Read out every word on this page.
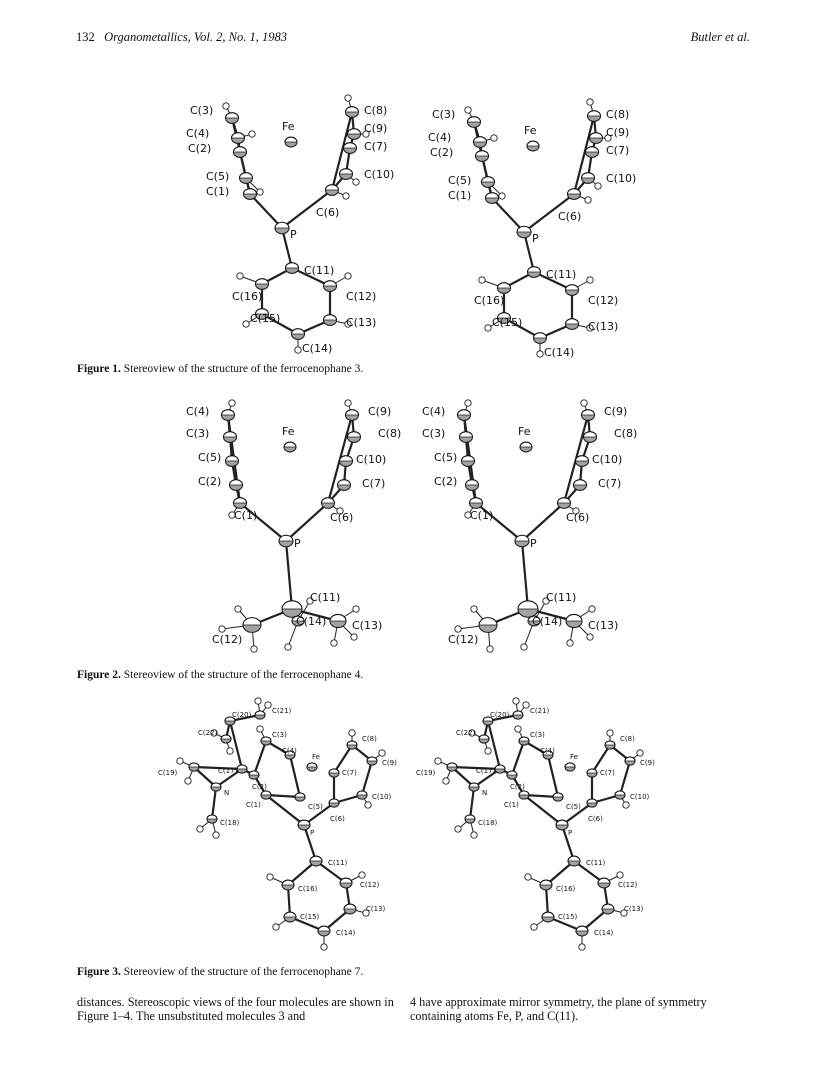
132 Organometallics, Vol. 2, No. 1, 1983	Butler et al.
C(3)
C(4)
C(2)
C(5)
C(1)
Fe
C(8)
C(9)
C(7)
C(10)
C(6)
P
C(11)
C(16)	C(12)
C(15)	C(13)
C(14)
C(3)
C(4)
C(2)
C(5)
C(1)
Fe
C(8)
C(9)
C(7)
C(10)
C(6)
P
C(11)
C(16)	C(12)
C(15)	C(13)
C(14)
Figure 1. Stereoview of the structure of the ferrocenophane 3.
C(4)
C(3)
C(5)
C(2)
C(1)
Fe
C(9)
C(8)
C(10)
C(7)
C(6)
P
C(11)
C(14)
C(12)
C(13)
C(4)
C(3)
C(5)
C(2)
C(1)
Fe
C(9)
C(8)
C(10)
C(7)
C(6)
P
C(11)
C(14)
C(12)
C(13)
Figure 2. Stereoview of the structure of the ferrocenophane 4.
C(21)
C(20)
C(22)	C(3)
C(4)
Fe
C(8)
C(9)
C(19)	C(17)
C(2)
C(7)
N
C(1)	C(5)
C(10)
C(6)
C(18)
P
C(11)
C(16)	C(12)
C(13)
C(15)
C(14)
C(21)
C(20)
C(22)	C(3)
C(4)
Fe
C(8)
C(9)
C(19)	C(17)
C(2)
C(7)
N
C(1)	C(5)
C(10)
C(6)
C(18)
P
C(11)
C(16)	C(12)
C(13)
C(15)
C(14)
Figure 3. Stereoview of the structure of the ferrocenophane 7.
distances. Stereoscopic views of the four molecules are shown in Figure 1–4. The unsubstituted molecules 3 and
4 have approximate mirror symmetry, the plane of symmetry containing atoms Fe, P, and C(11).
